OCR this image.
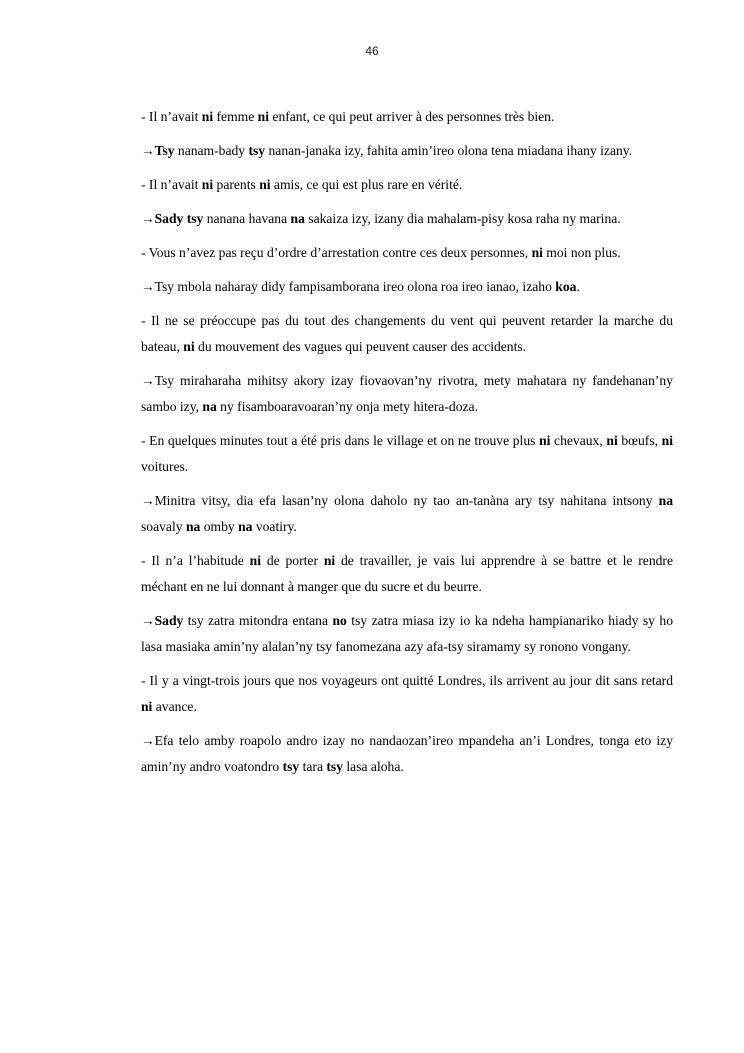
46

- Il n’avait ni femme ni enfant, ce qui peut arriver à des personnes très bien.

→Tsy nanam-bady tsy nanan-janaka izy, fahita amin’ireo olona tena miadana ihany izany.

- Il n’avait ni parents ni amis, ce qui est plus rare en vérité.

→Sady tsy nanana havana na sakaiza izy, izany dia mahalam-pisy kosa raha ny marina.

- Vous n’avez pas reçu d’ordre d’arrestation contre ces deux personnes, ni moi non plus.

→Tsy mbola naharay didy fampisamborana ireo olona roa ireo ianao, izaho koa.

- Il ne se préoccupe pas du tout des changements du vent qui peuvent retarder la marche du bateau, ni du mouvement des vagues qui peuvent causer des accidents.

→Tsy miraharaha mihitsy akory izay fiovaovan’ny rivotra, mety mahatara ny fandehanan’ny sambo izy, na ny fisamboaravoaran’ny onja mety hitera-doza.

- En quelques minutes tout a été pris dans le village et on ne trouve plus ni chevaux, ni bœufs, ni voitures.

→Minitra vitsy, dia efa lasan’ny olona daholo ny tao an-tanàna ary tsy nahitana intsony na soavaly na omby na voatiry.

- Il n’a l’habitude ni de porter ni de travailler, je vais lui apprendre à se battre et le rendre méchant en ne lui donnant à manger que du sucre et du beurre.

→Sady tsy zatra mitondra entana no tsy zatra miasa izy io ka ndeha hampianariko hiady sy ho lasa masiaka amin’ny alalan’ny tsy fanomezana azy afa-tsy siramamy sy ronono vongany.

- Il y a vingt-trois jours que nos voyageurs ont quitté Londres, ils arrivent au jour dit sans retard ni avance.

→Efa telo amby roapolo andro izay no nandaozan’ireo mpandeha an’i Londres, tonga eto izy amin’ny andro voatondro tsy tara tsy lasa aloha.
